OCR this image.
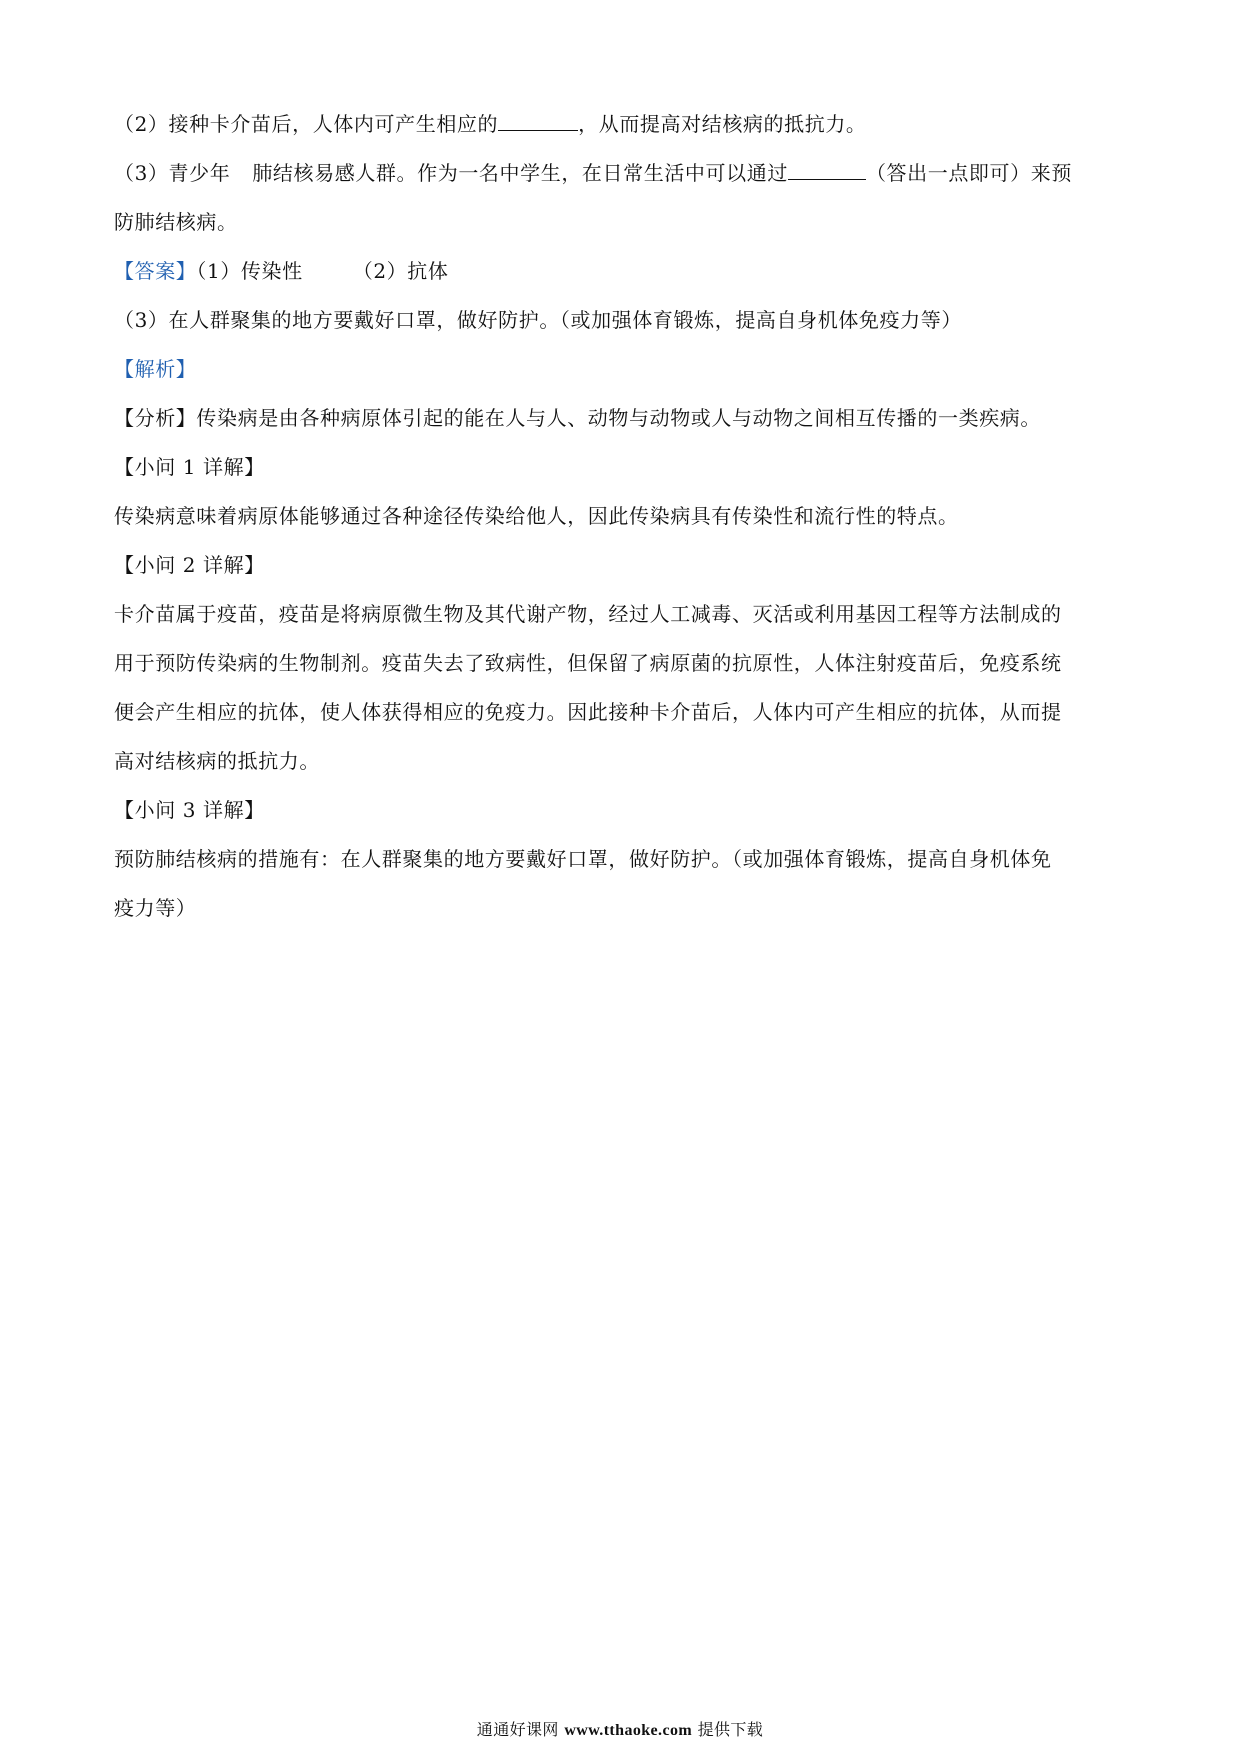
（2）接种卡介苗后，人体内可产生相应的	，从而提高对结核病的抵抗力。
（3）青少年 肺结核易感人群。作为一名中学生，在日常生活中可以通过	（答出一点即可）来预
防肺结核病。
【答案】（1）传染性	（2）抗体
（3）在人群聚集的地方要戴好口罩，做好防护。（或加强体育锻炼，提高自身机体免疫力等）
【解析】
【分析】传染病是由各种病原体引起的能在人与人、动物与动物或人与动物之间相互传播的一类疾病。
【小问 1 详解】
传染病意味着病原体能够通过各种途径传染给他人，因此传染病具有传染性和流行性的特点。
【小问 2 详解】
卡介苗属于疫苗，疫苗是将病原微生物及其代谢产物，经过人工减毒、灭活或利用基因工程等方法制成的
用于预防传染病的生物制剂。疫苗失去了致病性，但保留了病原菌的抗原性，人体注射疫苗后，免疫系统
便会产生相应的抗体，使人体获得相应的免疫力。因此接种卡介苗后，人体内可产生相应的抗体，从而提
高对结核病的抵抗力。
【小问 3 详解】
预防肺结核病的措施有：在人群聚集的地方要戴好口罩，做好防护。（或加强体育锻炼，提高自身机体免
疫力等）
通通好课网 www.tthaoke.com 提供下载
